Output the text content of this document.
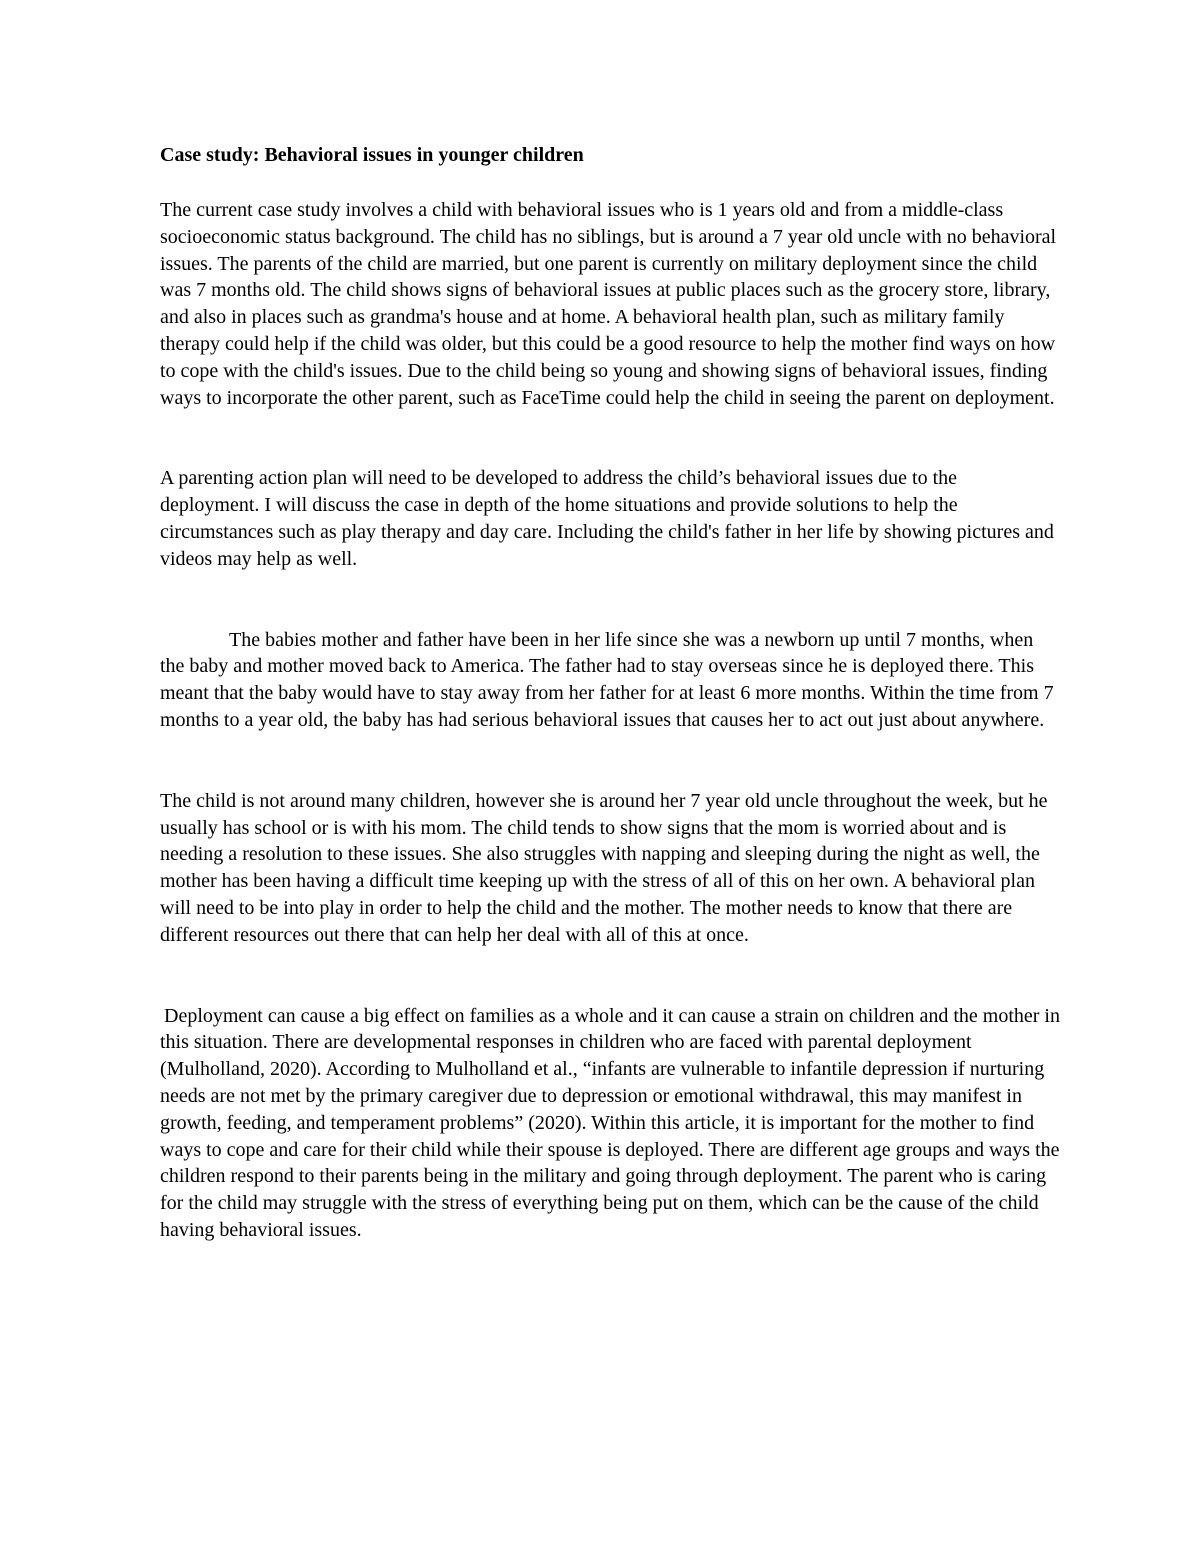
Case study: Behavioral issues in younger children

The current case study involves a child with behavioral issues who is 1 years old and from a middle-class socioeconomic status background. The child has no siblings, but is around a 7 year old uncle with no behavioral issues. The parents of the child are married, but one parent is currently on military deployment since the child was 7 months old. The child shows signs of behavioral issues at public places such as the grocery store, library, and also in places such as grandma's house and at home. A behavioral health plan, such as military family therapy could help if the child was older, but this could be a good resource to help the mother find ways on how to cope with the child's issues. Due to the child being so young and showing signs of behavioral issues, finding ways to incorporate the other parent, such as FaceTime could help the child in seeing the parent on deployment.

A parenting action plan will need to be developed to address the child’s behavioral issues due to the deployment. I will discuss the case in depth of the home situations and provide solutions to help the circumstances such as play therapy and day care. Including the child's father in her life by showing pictures and videos may help as well.

The babies mother and father have been in her life since she was a newborn up until 7 months, when the baby and mother moved back to America. The father had to stay overseas since he is deployed there. This meant that the baby would have to stay away from her father for at least 6 more months. Within the time from 7 months to a year old, the baby has had serious behavioral issues that causes her to act out just about anywhere.

The child is not around many children, however she is around her 7 year old uncle throughout the week, but he usually has school or is with his mom. The child tends to show signs that the mom is worried about and is needing a resolution to these issues. She also struggles with napping and sleeping during the night as well, the mother has been having a difficult time keeping up with the stress of all of this on her own. A behavioral plan will need to be into play in order to help the child and the mother. The mother needs to know that there are different resources out there that can help her deal with all of this at once.

Deployment can cause a big effect on families as a whole and it can cause a strain on children and the mother in this situation. There are developmental responses in children who are faced with parental deployment (Mulholland, 2020). According to Mulholland et al., “infants are vulnerable to infantile depression if nurturing needs are not met by the primary caregiver due to depression or emotional withdrawal, this may manifest in growth, feeding, and temperament problems” (2020). Within this article, it is important for the mother to find ways to cope and care for their child while their spouse is deployed. There are different age groups and ways the children respond to their parents being in the military and going through deployment. The parent who is caring for the child may struggle with the stress of everything being put on them, which can be the cause of the child having behavioral issues.
